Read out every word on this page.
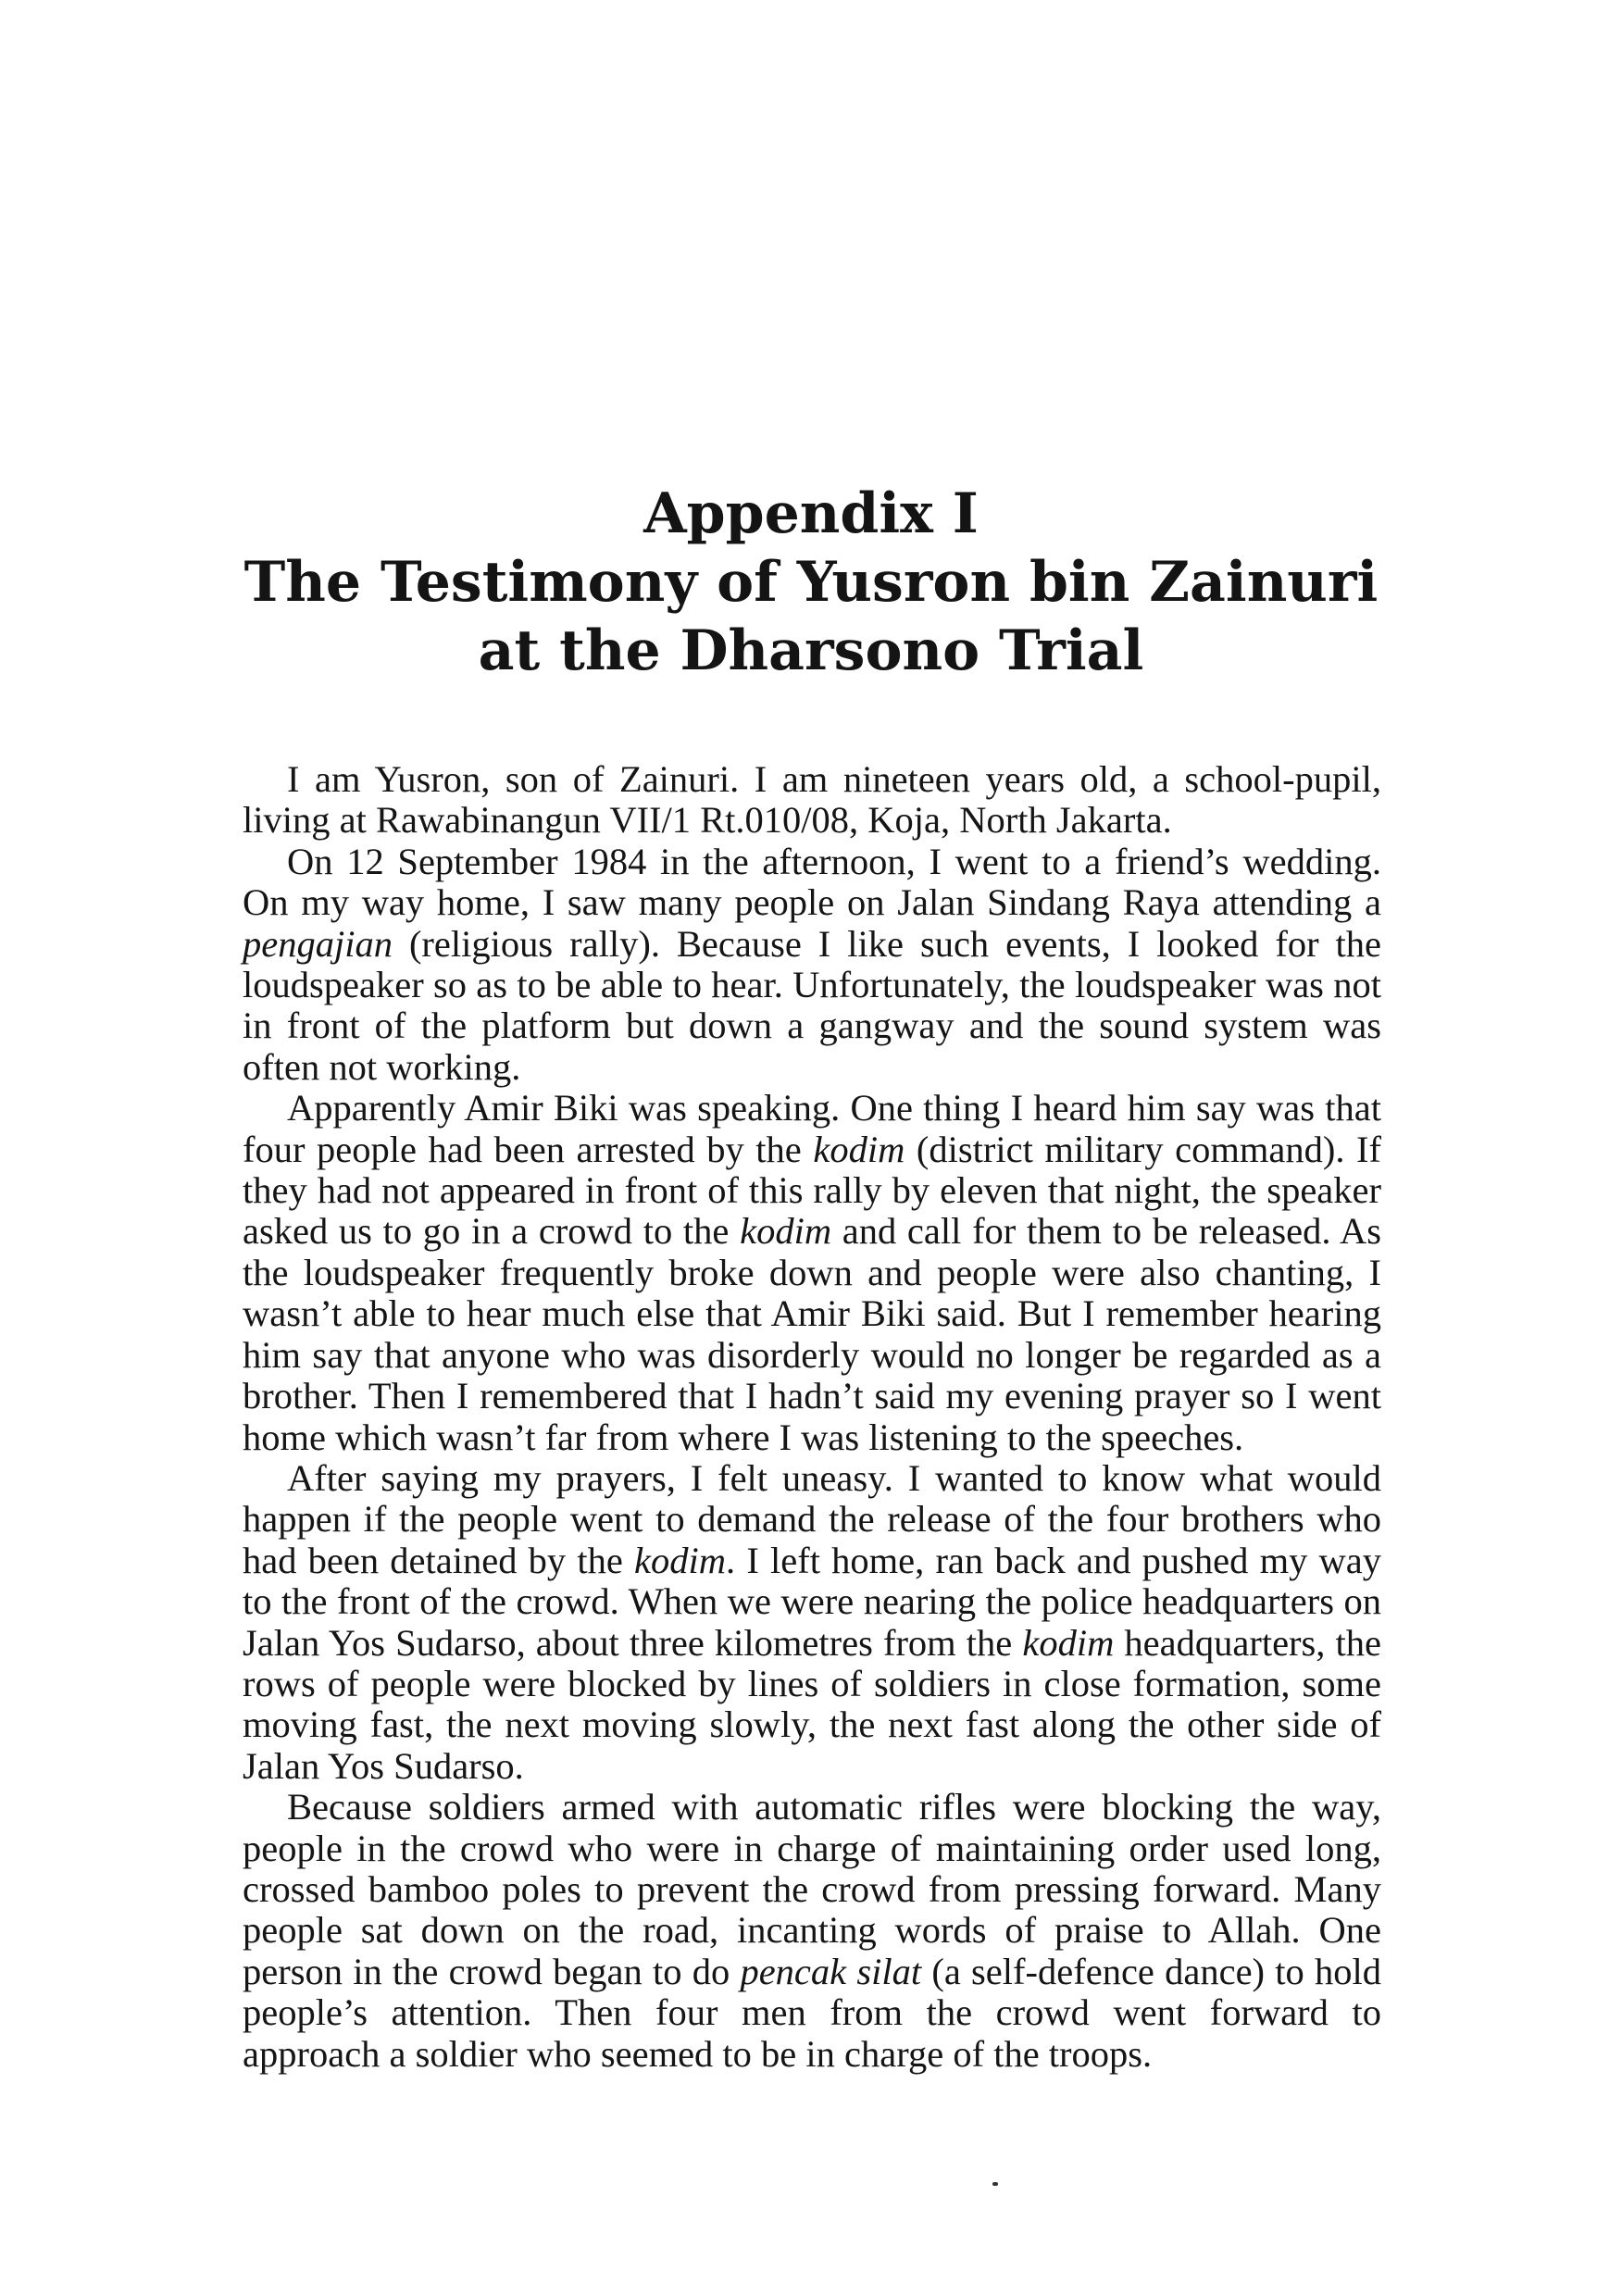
Appendix I
The Testimony of Yusron bin Zainuri
at the Dharsono Trial

I am Yusron, son of Zainuri. I am nineteen years old, a school-pupil, living at Rawabinangun VII/1 Rt.010/08, Koja, North Jakarta.

On 12 September 1984 in the afternoon, I went to a friend’s wedding. On my way home, I saw many people on Jalan Sindang Raya attending a pengajian (religious rally). Because I like such events, I looked for the loudspeaker so as to be able to hear. Unfortunately, the loudspeaker was not in front of the platform but down a gangway and the sound system was often not working.

Apparently Amir Biki was speaking. One thing I heard him say was that four people had been arrested by the kodim (district military command). If they had not appeared in front of this rally by eleven that night, the speaker asked us to go in a crowd to the kodim and call for them to be released. As the loudspeaker frequently broke down and people were also chanting, I wasn’t able to hear much else that Amir Biki said. But I remember hearing him say that anyone who was disorderly would no longer be regarded as a brother. Then I remembered that I hadn’t said my evening prayer so I went home which wasn’t far from where I was listening to the speeches.

After saying my prayers, I felt uneasy. I wanted to know what would happen if the people went to demand the release of the four brothers who had been detained by the kodim. I left home, ran back and pushed my way to the front of the crowd. When we were nearing the police headquarters on Jalan Yos Sudarso, about three kilometres from the kodim headquarters, the rows of people were blocked by lines of soldiers in close formation, some moving fast, the next moving slowly, the next fast along the other side of Jalan Yos Sudarso.

Because soldiers armed with automatic rifles were blocking the way, people in the crowd who were in charge of maintaining order used long, crossed bamboo poles to prevent the crowd from pressing forward. Many people sat down on the road, incanting words of praise to Allah. One person in the crowd began to do pencak silat (a self-defence dance) to hold people’s attention. Then four men from the crowd went forward to approach a soldier who seemed to be in charge of the troops.
